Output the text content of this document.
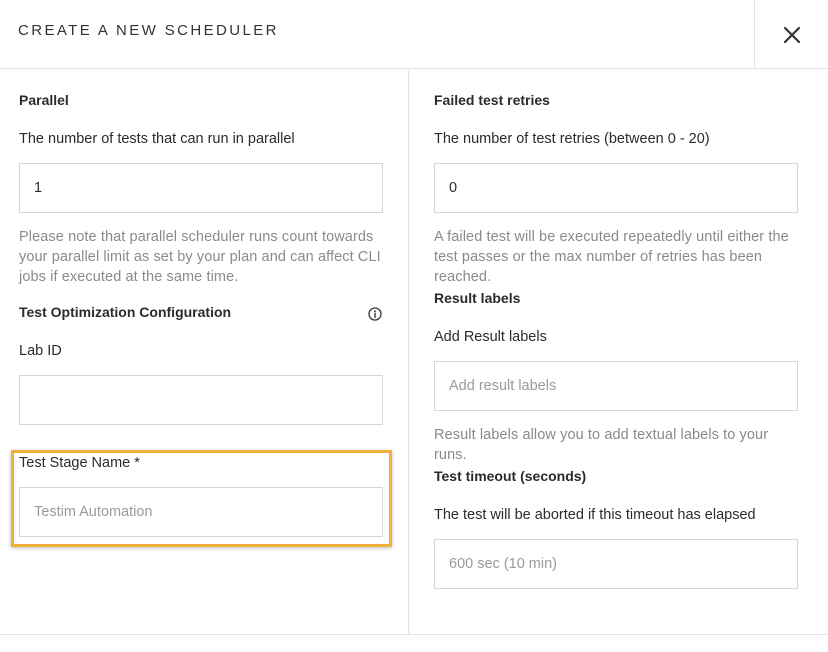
CREATE A NEW SCHEDULER
Parallel
The number of tests that can run in parallel
1
Please note that parallel scheduler runs count towards your parallel limit as set by your plan and can affect CLI jobs if executed at the same time.
Test Optimization Configuration
Lab ID
Test Stage Name *
Testim Automation
Failed test retries
The number of test retries (between 0 - 20)
0
A failed test will be executed repeatedly until either the test passes or the max number of retries has been reached.
Result labels
Add Result labels
Add result labels
Result labels allow you to add textual labels to your runs.
Test timeout (seconds)
The test will be aborted if this timeout has elapsed
600 sec (10 min)
